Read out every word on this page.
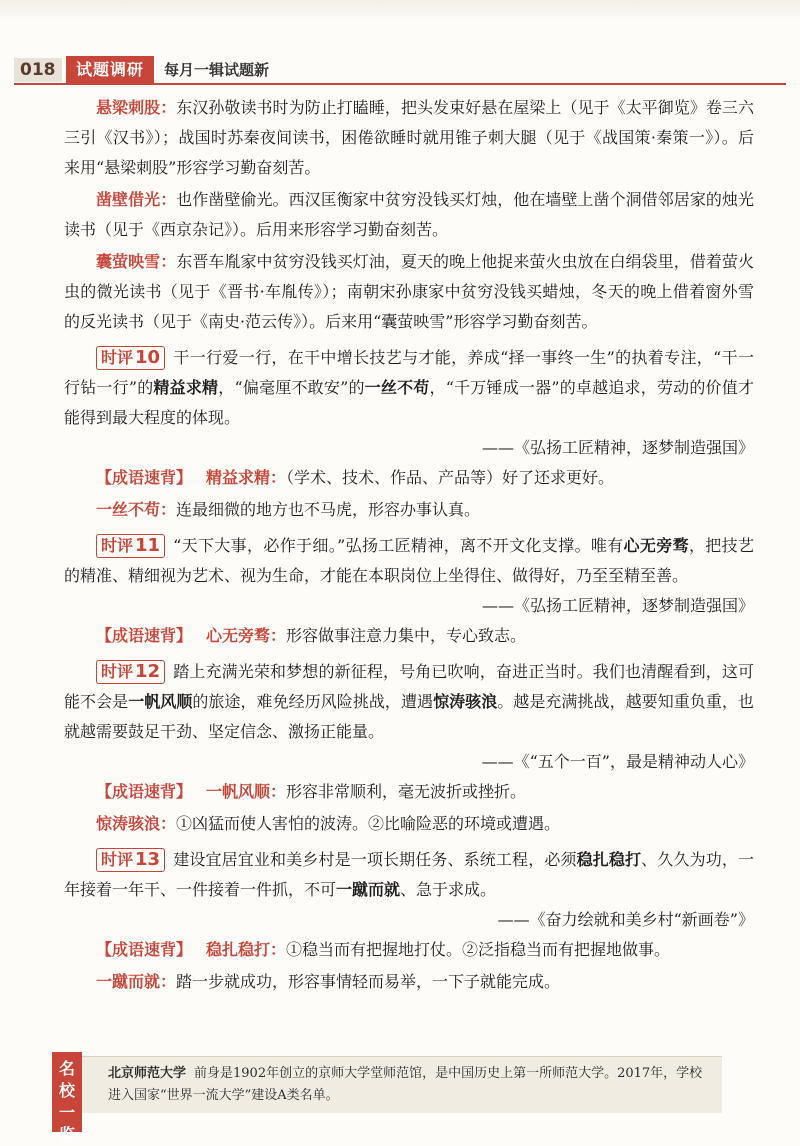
018	试题调研	每月一辑试题新

悬梁刺股：东汉孙敬读书时为防止打瞌睡，把头发束好悬在屋梁上（见于《太平御览》卷三六三引《汉书》）；战国时苏秦夜间读书，困倦欲睡时就用锥子刺大腿（见于《战国策·秦策一》）。后来用“悬梁刺股”形容学习勤奋刻苦。

凿壁借光：也作凿壁偷光。西汉匡衡家中贫穷没钱买灯烛，他在墙壁上凿个洞借邻居家的烛光读书（见于《西京杂记》）。后用来形容学习勤奋刻苦。

囊萤映雪：东晋车胤家中贫穷没钱买灯油，夏天的晚上他捉来萤火虫放在白绢袋里，借着萤火虫的微光读书（见于《晋书·车胤传》）；南朝宋孙康家中贫穷没钱买蜡烛，冬天的晚上借着窗外雪的反光读书（见于《南史·范云传》）。后来用“囊萤映雪”形容学习勤奋刻苦。

时评 10 干一行爱一行，在干中增长技艺与才能，养成“择一事终一生”的执着专注，“干一行钻一行”的精益求精，“偏毫厘不敢安”的一丝不苟，“千万锤成一器”的卓越追求，劳动的价值才能得到最大程度的体现。

——《弘扬工匠精神，逐梦制造强国》

【成语速背】 精益求精：（学术、技术、作品、产品等）好了还求更好。

一丝不苟：连最细微的地方也不马虎，形容办事认真。

时评 11 “天下大事，必作于细。”弘扬工匠精神，离不开文化支撑。唯有心无旁骛，把技艺的精准、精细视为艺术、视为生命，才能在本职岗位上坐得住、做得好，乃至至精至善。

——《弘扬工匠精神，逐梦制造强国》

【成语速背】 心无旁骛：形容做事注意力集中，专心致志。

时评 12 踏上充满光荣和梦想的新征程，号角已吹响，奋进正当时。我们也清醒看到，这可能不会是一帆风顺的旅途，难免经历风险挑战，遭遇惊涛骇浪。越是充满挑战，越要知重负重，也就越需要鼓足干劲、坚定信念、激扬正能量。

——《“五个一百”，最是精神动人心》

【成语速背】 一帆风顺：形容非常顺利，毫无波折或挫折。

惊涛骇浪：①凶猛而使人害怕的波涛。②比喻险恶的环境或遭遇。

时评 13 建设宜居宜业和美乡村是一项长期任务、系统工程，必须稳扎稳打、久久为功，一年接着一年干、一件接着一件抓，不可一蹴而就、急于求成。

——《奋力绘就和美乡村“新画卷”》

【成语速背】 稳扎稳打：①稳当而有把握地打仗。②泛指稳当而有把握地做事。

一蹴而就：踏一步就成功，形容事情轻而易举，一下子就能完成。

名校一览

北京师范大学 前身是1902年创立的京师大学堂师范馆，是中国历史上第一所师范大学。2017年，学校进入国家“世界一流大学”建设A类名单。
